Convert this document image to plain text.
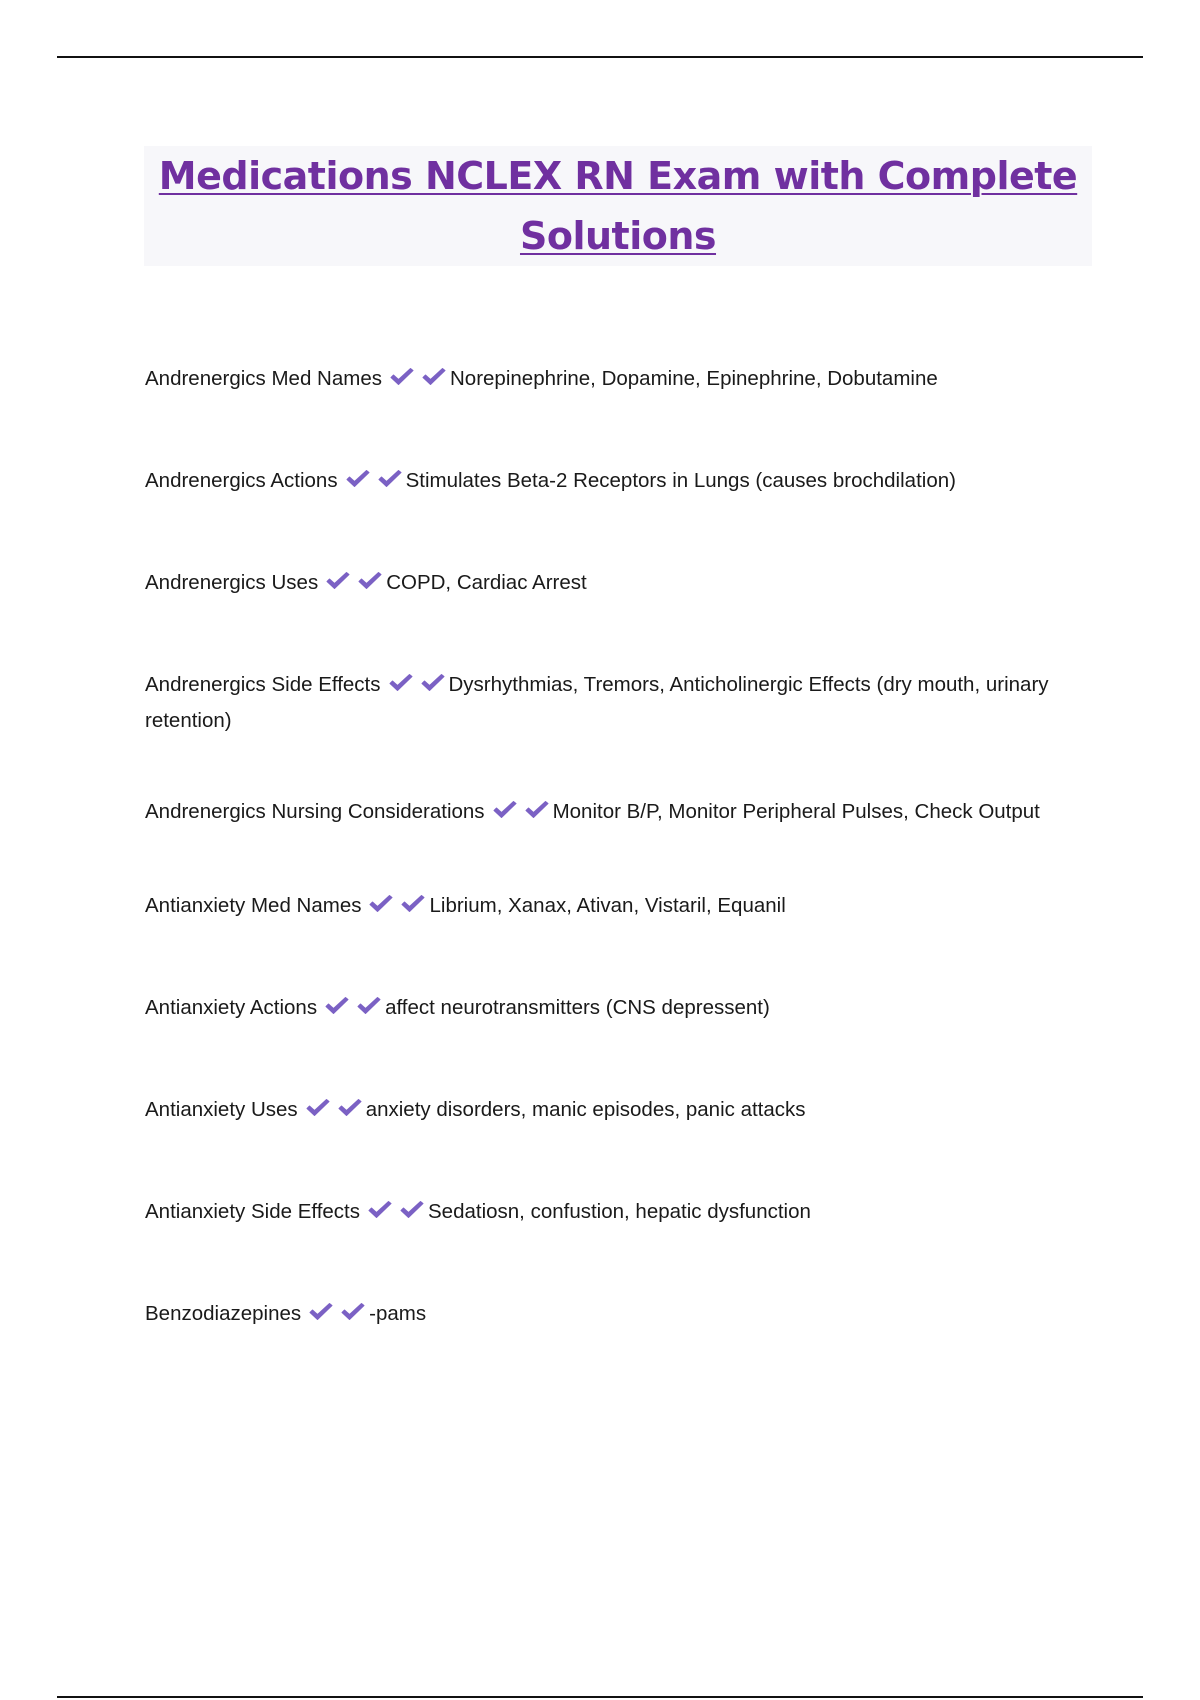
Medications NCLEX RN Exam with Complete Solutions
Andrenergics Med Names	Norepinephrine, Dopamine, Epinephrine, Dobutamine
Andrenergics Actions	Stimulates Beta-2 Receptors in Lungs (causes brochdilation)
Andrenergics Uses	COPD, Cardiac Arrest
Andrenergics Side Effects	Dysrhythmias, Tremors, Anticholinergic Effects (dry mouth, urinary retention)
Andrenergics Nursing Considerations	Monitor B/P, Monitor Peripheral Pulses, Check Output
Antianxiety Med Names	Librium, Xanax, Ativan, Vistaril, Equanil
Antianxiety Actions	affect neurotransmitters (CNS depressent)
Antianxiety Uses	anxiety disorders, manic episodes, panic attacks
Antianxiety Side Effects	Sedatiosn, confustion, hepatic dysfunction
Benzodiazepines	-pams
